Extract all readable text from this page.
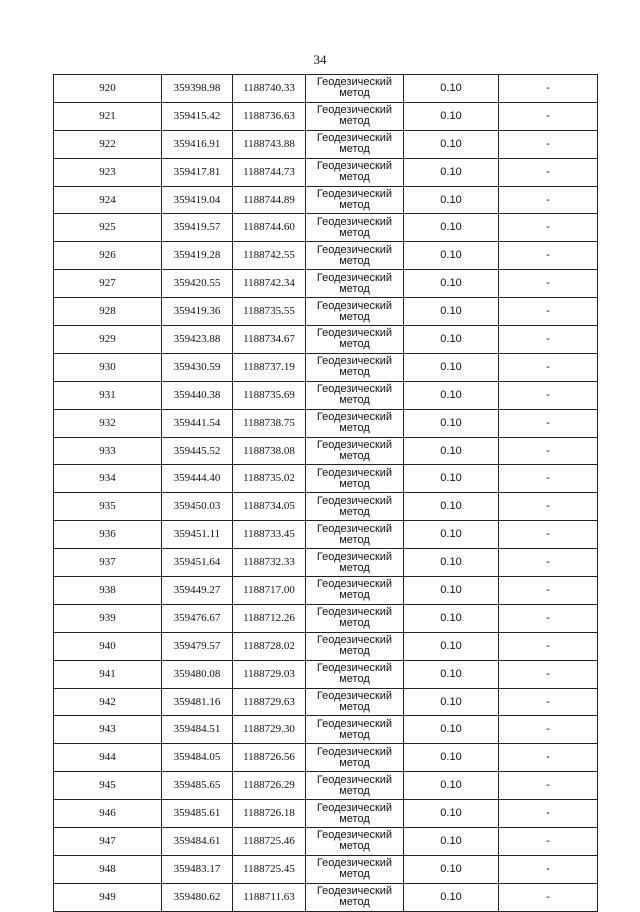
34
920	359398.98	1188740.33	Геодезический метод	0.10	-
921	359415.42	1188736.63	Геодезический метод	0.10	-
922	359416.91	1188743.88	Геодезический метод	0.10	-
923	359417.81	1188744.73	Геодезический метод	0.10	-
924	359419.04	1188744.89	Геодезический метод	0.10	-
925	359419.57	1188744.60	Геодезический метод	0.10	-
926	359419.28	1188742.55	Геодезический метод	0.10	-
927	359420.55	1188742.34	Геодезический метод	0.10	-
928	359419.36	1188735.55	Геодезический метод	0.10	-
929	359423.88	1188734.67	Геодезический метод	0.10	-
930	359430.59	1188737.19	Геодезический метод	0.10	-
931	359440.38	1188735.69	Геодезический метод	0.10	-
932	359441.54	1188738.75	Геодезический метод	0.10	-
933	359445.52	1188738.08	Геодезический метод	0.10	-
934	359444.40	1188735.02	Геодезический метод	0.10	-
935	359450.03	1188734.05	Геодезический метод	0.10	-
936	359451.11	1188733.45	Геодезический метод	0.10	-
937	359451.64	1188732.33	Геодезический метод	0.10	-
938	359449.27	1188717.00	Геодезический метод	0.10	-
939	359476.67	1188712.26	Геодезический метод	0.10	-
940	359479.57	1188728.02	Геодезический метод	0.10	-
941	359480.08	1188729.03	Геодезический метод	0.10	-
942	359481.16	1188729.63	Геодезический метод	0.10	-
943	359484.51	1188729.30	Геодезический метод	0.10	-
944	359484.05	1188726.56	Геодезический метод	0.10	-
945	359485.65	1188726.29	Геодезический метод	0.10	-
946	359485.61	1188726.18	Геодезический метод	0.10	-
947	359484.61	1188725.46	Геодезический метод	0.10	-
948	359483.17	1188725.45	Геодезический метод	0.10	-
949	359480.62	1188711.63	Геодезический метод	0.10	-
